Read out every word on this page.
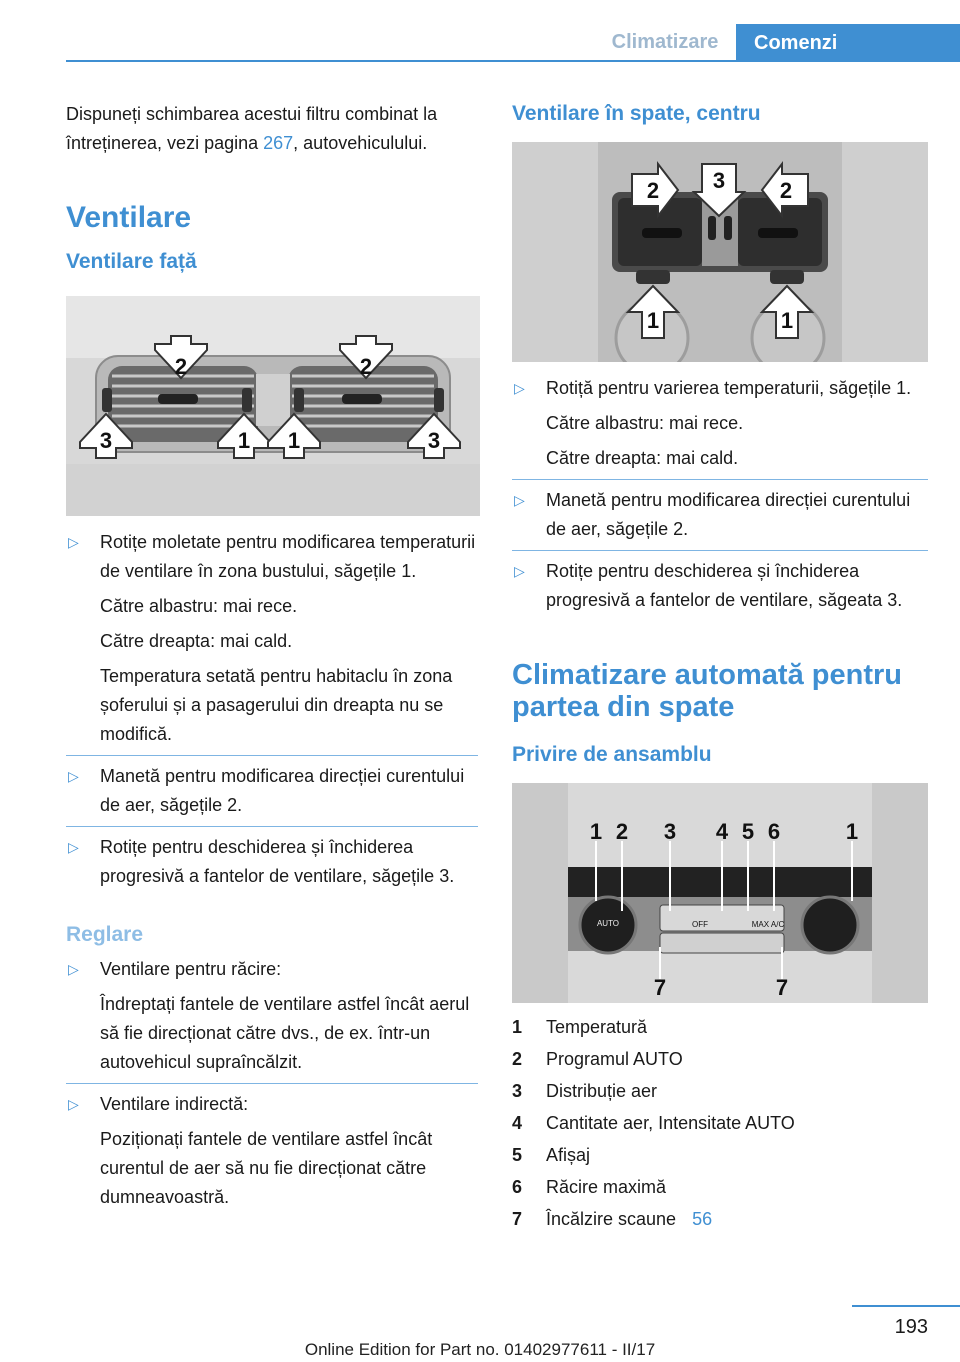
Climatizare	Comenzi

Dispuneți schimbarea acestui filtru combinat la întreținerea, vezi pagina 267, autovehiculului.

Ventilare
Ventilare față
2	2
3	1 1	3
▷ Rotițe moletate pentru modificarea temperaturii de ventilare în zona bustului, săgețile 1.
Către albastru: mai rece.
Către dreapta: mai cald.
Temperatura setată pentru habitaclu în zona șoferului și a pasagerului din dreapta nu se modifică.
▷ Manetă pentru modificarea direcției curentului de aer, săgețile 2.
▷ Rotițe pentru deschiderea și închiderea progresivă a fantelor de ventilare, săgețile 3.
Reglare
▷ Ventilare pentru răcire:
Îndreptați fantele de ventilare astfel încât aerul să fie direcționat către dvs., de ex. într-un autovehicul supraîncălzit.
▷ Ventilare indirectă:
Poziționați fantele de ventilare astfel încât curentul de aer să nu fie direcționat către dumneavoastră.
Ventilare în spate, centru
2 3 2
1	1
▷ Rotiță pentru varierea temperaturii, săgețile 1.
Către albastru: mai rece.
Către dreapta: mai cald.
▷ Manetă pentru modificarea direcției curentului de aer, săgețile 2.
▷ Rotițe pentru deschiderea și închiderea progresivă a fantelor de ventilare, săgeata 3.
Climatizare automată pentru partea din spate
Privire de ansamblu
AUTO	OFF	MAX A/C
1 2 3 4 5 6	1
7	7
1	Temperatură
2	Programul AUTO
3	Distribuție aer
4	Cantitate aer, Intensitate AUTO
5	Afișaj
6	Răcire maximă
7	Încălzire scaune 56
193
Online Edition for Part no. 01402977611 - II/17
